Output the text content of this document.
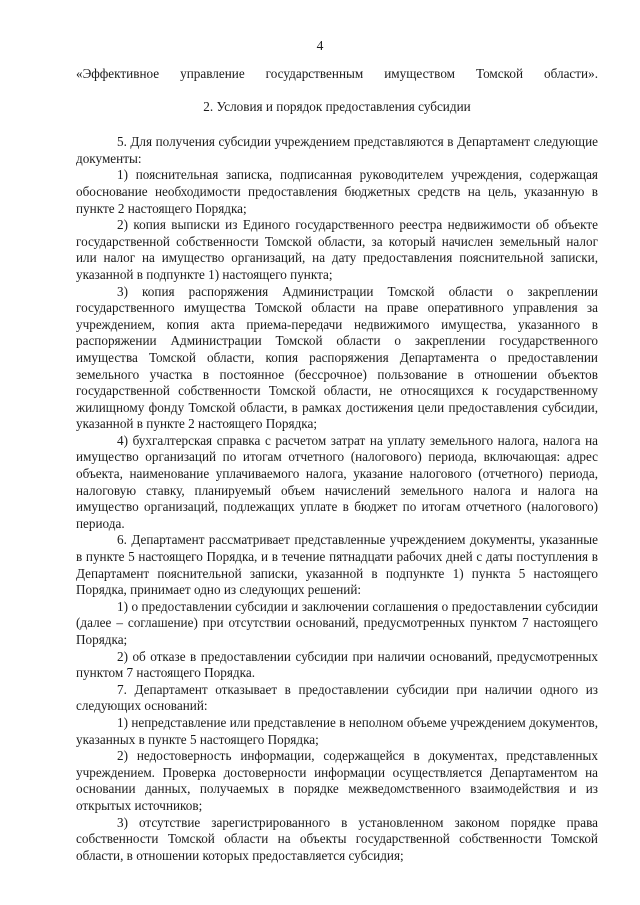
4

«Эффективное управление государственным имуществом Томской области».

2. Условия и порядок предоставления субсидии

5. Для получения субсидии учреждением представляются в Департамент следующие документы:

1) пояснительная записка, подписанная руководителем учреждения, содержащая обоснование необходимости предоставления бюджетных средств на цель, указанную в пункте 2 настоящего Порядка;

2) копия выписки из Единого государственного реестра недвижимости об объекте государственной собственности Томской области, за который начислен земельный налог или налог на имущество организаций, на дату предоставления пояснительной записки, указанной в подпункте 1) настоящего пункта;

3) копия распоряжения Администрации Томской области о закреплении государственного имущества Томской области на праве оперативного управления за учреждением, копия акта приема-передачи недвижимого имущества, указанного в распоряжении Администрации Томской области о закреплении государственного имущества Томской области, копия распоряжения Департамента о предоставлении земельного участка в постоянное (бессрочное) пользование в отношении объектов государственной собственности Томской области, не относящихся к государственному жилищному фонду Томской области, в рамках достижения цели предоставления субсидии, указанной в пункте 2 настоящего Порядка;

4) бухгалтерская справка с расчетом затрат на уплату земельного налога, налога на имущество организаций по итогам отчетного (налогового) периода, включающая: адрес объекта, наименование уплачиваемого налога, указание налогового (отчетного) периода, налоговую ставку, планируемый объем начислений земельного налога и налога на имущество организаций, подлежащих уплате в бюджет по итогам отчетного (налогового) периода.

6. Департамент рассматривает представленные учреждением документы, указанные в пункте 5 настоящего Порядка, и в течение пятнадцати рабочих дней с даты поступления в Департамент пояснительной записки, указанной в подпункте 1) пункта 5 настоящего Порядка, принимает одно из следующих решений:

1) о предоставлении субсидии и заключении соглашения о предоставлении субсидии (далее – соглашение) при отсутствии оснований, предусмотренных пунктом 7 настоящего Порядка;

2) об отказе в предоставлении субсидии при наличии оснований, предусмотренных пунктом 7 настоящего Порядка.

7. Департамент отказывает в предоставлении субсидии при наличии одного из следующих оснований:

1) непредставление или представление в неполном объеме учреждением документов, указанных в пункте 5 настоящего Порядка;

2) недостоверность информации, содержащейся в документах, представленных учреждением. Проверка достоверности информации осуществляется Департаментом на основании данных, получаемых в порядке межведомственного взаимодействия и из открытых источников;

3) отсутствие зарегистрированного в установленном законом порядке права собственности Томской области на объекты государственной собственности Томской области, в отношении которых предоставляется субсидия;
